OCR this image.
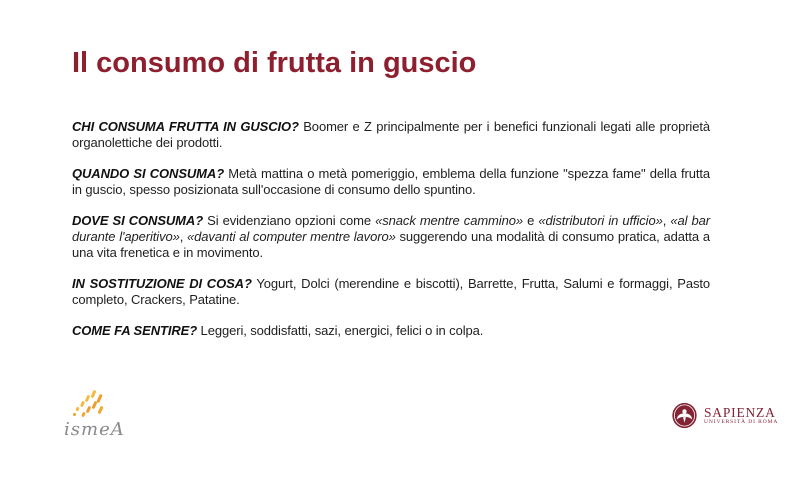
Il consumo di frutta in guscio

CHI CONSUMA FRUTTA IN GUSCIO? Boomer e Z principalmente per i benefici funzionali legati alle proprietà organolettiche dei prodotti.

QUANDO SI CONSUMA? Metà mattina o metà pomeriggio, emblema della funzione "spezza fame" della frutta in guscio, spesso posizionata sull'occasione di consumo dello spuntino.

DOVE SI CONSUMA? Si evidenziano opzioni come «snack mentre cammino» e «distributori in ufficio», «al bar durante l'aperitivo», «davanti al computer mentre lavoro» suggerendo una modalità di consumo pratica, adatta a una vita frenetica e in movimento.

IN SOSTITUZIONE DI COSA? Yogurt, Dolci (merendine e biscotti), Barrette, Frutta, Salumi e formaggi, Pasto completo, Crackers, Patatine.

COME FA SENTIRE? Leggeri, soddisfatti, sazi, energici, felici o in colpa.

ismeA
SAPIENZA
UNIVERSITÀ DI ROMA
